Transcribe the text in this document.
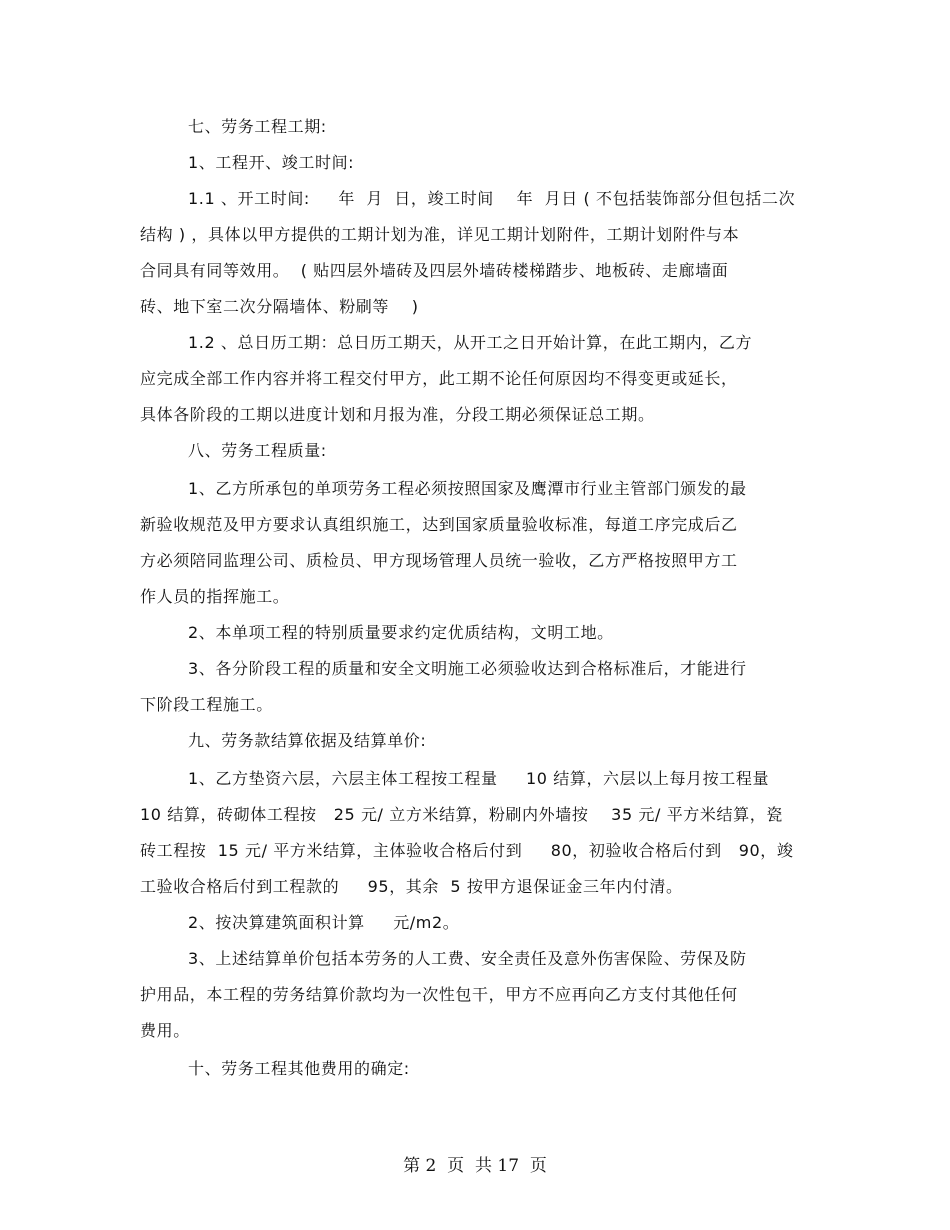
七、劳务工程工期:
1、工程开、竣工时间:
1.1 、开工时间:     年  月  日，竣工时间    年  月日 ( 不包括装饰部分但包括二次
结构 ) ，具体以甲方提供的工期计划为准，详见工期计划附件，工期计划附件与本
合同具有同等效用。  ( 贴四层外墙砖及四层外墙砖楼梯踏步、地板砖、走廊墙面
砖、地下室二次分隔墙体、粉刷等    )
1.2 、总日历工期：总日历工期天，从开工之日开始计算，在此工期内，乙方
应完成全部工作内容并将工程交付甲方，此工期不论任何原因均不得变更或延长，
具体各阶段的工期以进度计划和月报为准，分段工期必须保证总工期。
八、劳务工程质量:
1、乙方所承包的单项劳务工程必须按照国家及鹰潭市行业主管部门颁发的最
新验收规范及甲方要求认真组织施工，达到国家质量验收标准，每道工序完成后乙
方必须陪同监理公司、质检员、甲方现场管理人员统一验收，乙方严格按照甲方工
作人员的指挥施工。
2、本单项工程的特别质量要求约定优质结构，文明工地。
3、各分阶段工程的质量和安全文明施工必须验收达到合格标准后，才能进行
下阶段工程施工。
九、劳务款结算依据及结算单价:
1、乙方垫资六层，六层主体工程按工程量     10 结算，六层以上每月按工程量
10 结算，砖砌体工程按   25 元/ 立方米结算，粉刷内外墙按    35 元/ 平方米结算，瓷
砖工程按  15 元/ 平方米结算，主体验收合格后付到     80，初验收合格后付到   90，竣
工验收合格后付到工程款的     95，其余  5 按甲方退保证金三年内付清。
2、按决算建筑面积计算     元/m2。
3、上述结算单价包括本劳务的人工费、安全责任及意外伤害保险、劳保及防
护用品，本工程的劳务结算价款均为一次性包干，甲方不应再向乙方支付其他任何
费用。
十、劳务工程其他费用的确定:
第 2  页  共 17  页
